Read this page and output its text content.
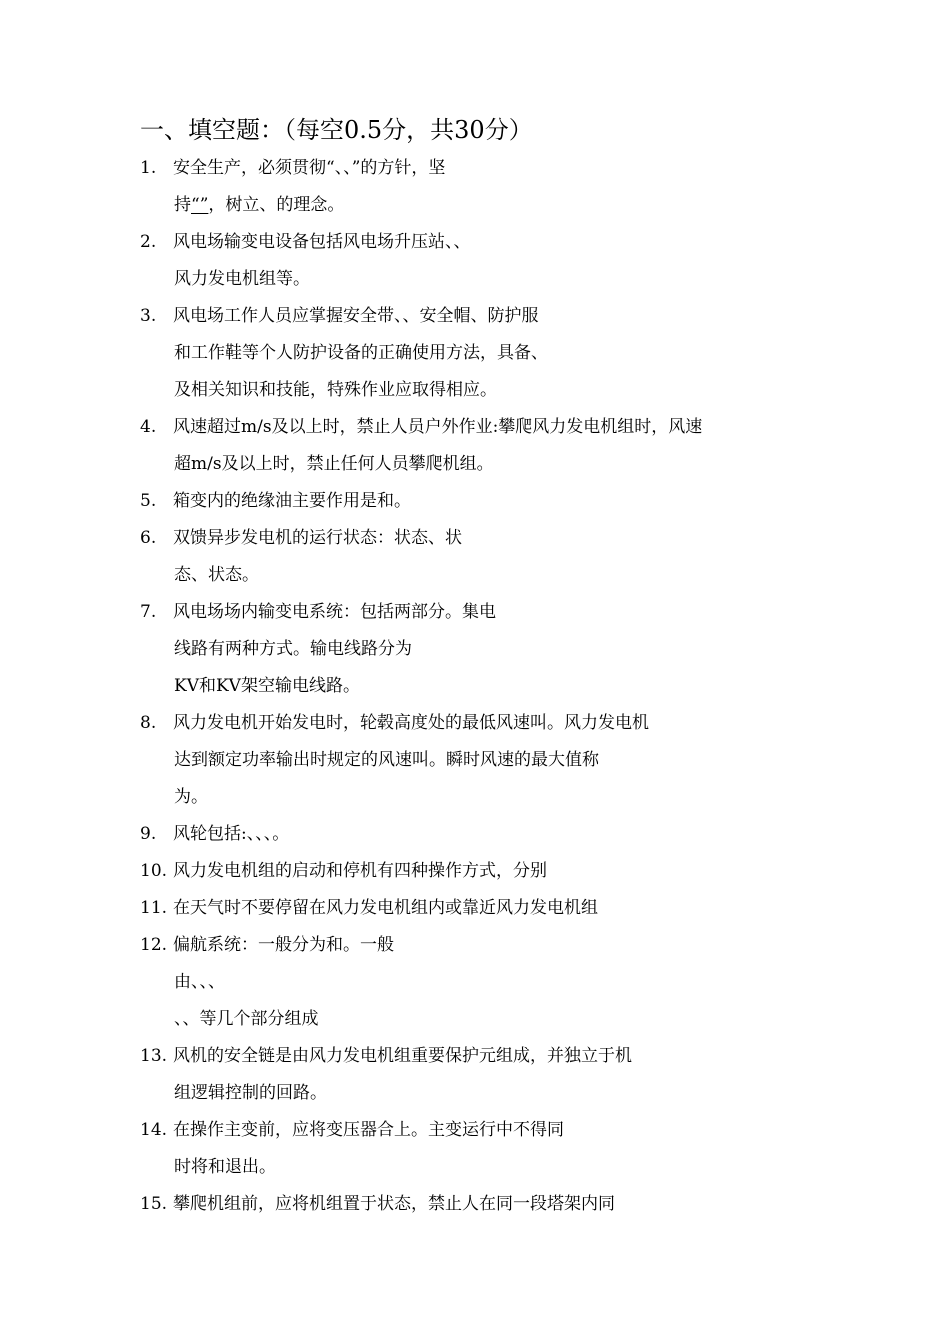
一、填空题：（每空0.5分，共30分）
1. 安全生产，必须贯彻“、、”的方针，坚
持“”，树立、的理念。
2. 风电场输变电设备包括风电场升压站、、
风力发电机组等。
3. 风电场工作人员应掌握安全带、、安全帽、防护服
和工作鞋等个人防护设备的正确使用方法，具备、
及相关知识和技能，特殊作业应取得相应。
4. 风速超过m/s及以上时，禁止人员户外作业:攀爬风力发电机组时，风速
超m/s及以上时，禁止任何人员攀爬机组。
5. 箱变内的绝缘油主要作用是和。
6. 双馈异步发电机的运行状态：状态、状
态、状态。
7. 风电场场内输变电系统：包括两部分。集电
线路有两种方式。输电线路分为
KV和KV架空输电线路。
8. 风力发电机开始发电时，轮毂高度处的最低风速叫。风力发电机
达到额定功率输出时规定的风速叫。瞬时风速的最大值称
为。
9. 风轮包括:、、、。
10. 风力发电机组的启动和停机有四种操作方式，分别
11. 在天气时不要停留在风力发电机组内或靠近风力发电机组
12. 偏航系统：一般分为和。一般
由、、、
、、等几个部分组成
13. 风机的安全链是由风力发电机组重要保护元组成，并独立于机
组逻辑控制的回路。
14. 在操作主变前，应将变压器合上。主变运行中不得同
时将和退出。
15. 攀爬机组前，应将机组置于状态，禁止人在同一段塔架内同
